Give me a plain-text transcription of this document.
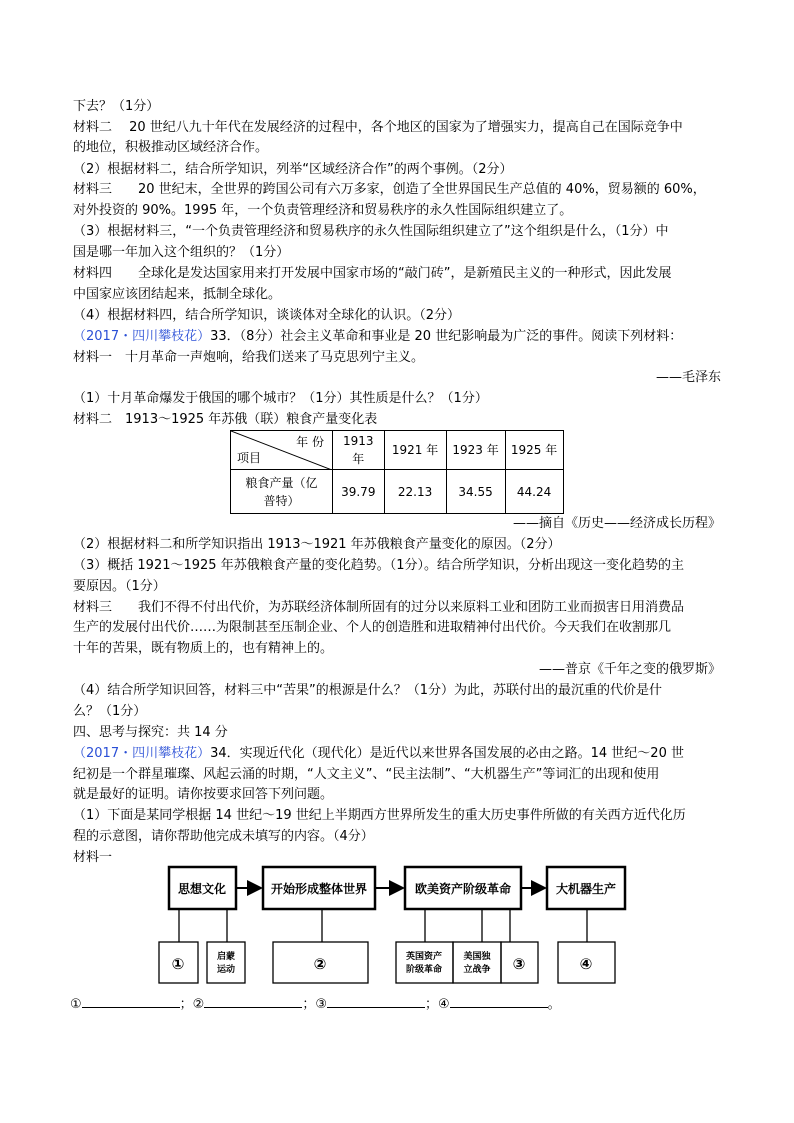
下去？（1分）
材料二　 20 世纪八九十年代在发展经济的过程中，各个地区的国家为了增强实力，提高自己在国际竞争中
的地位，积极推动区域经济合作。
（2）根据材料二，结合所学知识，列举“区域经济合作”的两个事例。（2分）
材料三　　20 世纪末，全世界的跨国公司有六万多家，创造了全世界国民生产总值的 40%，贸易额的 60%，
对外投资的 90%。1995 年，一个负责管理经济和贸易秩序的永久性国际组织建立了。
（3）根据材料三，“一个负责管理经济和贸易秩序的永久性国际组织建立了”这个组织是什么，（1分）中
国是哪一年加入这个组织的？（1分）
材料四　　全球化是发达国家用来打开发展中国家市场的“敲门砖”，是新殖民主义的一种形式，因此发展
中国家应该团结起来，抵制全球化。
（4）根据材料四，结合所学知识，谈谈体对全球化的认识。（2分）
（2017・四川攀枝花）33．（8分）社会主义革命和事业是 20 世纪影响最为广泛的事件。阅读下列材料：
材料一　十月革命一声炮响，给我们送来了马克思列宁主义。
——毛泽东
（1）十月革命爆发于俄国的哪个城市？（1分）其性质是什么？（1分）
材料二　1913～1925 年苏俄（联）粮食产量变化表
年 份
项目	1913年	1921 年	1923 年	1925 年
粮食产量（亿普特）	39.79	22.13	34.55	44.24
——摘自《历史——经济成长历程》
（2）根据材料二和所学知识指出 1913～1921 年苏俄粮食产量变化的原因。（2分）
（3）概括 1921～1925 年苏俄粮食产量的变化趋势。（1分）。结合所学知识，分析出现这一变化趋势的主
要原因。（1分）
材料三　　我们不得不付出代价，为苏联经济体制所固有的过分以来原料工业和团防工业而损害日用消费品
生产的发展付出代价……为限制甚至压制企业、个人的创造胜和进取精神付出代价。今天我们在收割那几
十年的苦果，既有物质上的，也有精神上的。
——普京《千年之变的俄罗斯》
（4）结合所学知识回答，材料三中“苦果”的根源是什么？（1分）为此，苏联付出的最沉重的代价是什
么？（1分）
四、思考与探究：共 14 分
（2017・四川攀枝花）34．实现近代化（现代化）是近代以来世界各国发展的必由之路。14 世纪～20 世
纪初是一个群星璀璨、风起云涌的时期，“人文主义”、“民主法制”、“大机器生产”等词汇的出现和使用
就是最好的证明。请你按要求回答下列问题。
（1）下面是某同学根据 14 世纪～19 世纪上半期西方世界所发生的重大历史事件所做的有关西方近代化历
程的示意图，请你帮助他完成未填写的内容。（4分）
材料一
思想文化	开始形成整体世界	欧美资产阶级革命	大机器生产
①	启蒙
运动	②	英国资产
阶级革命
美国独
立战争 ③	④
①	；②	；③	；④	。
